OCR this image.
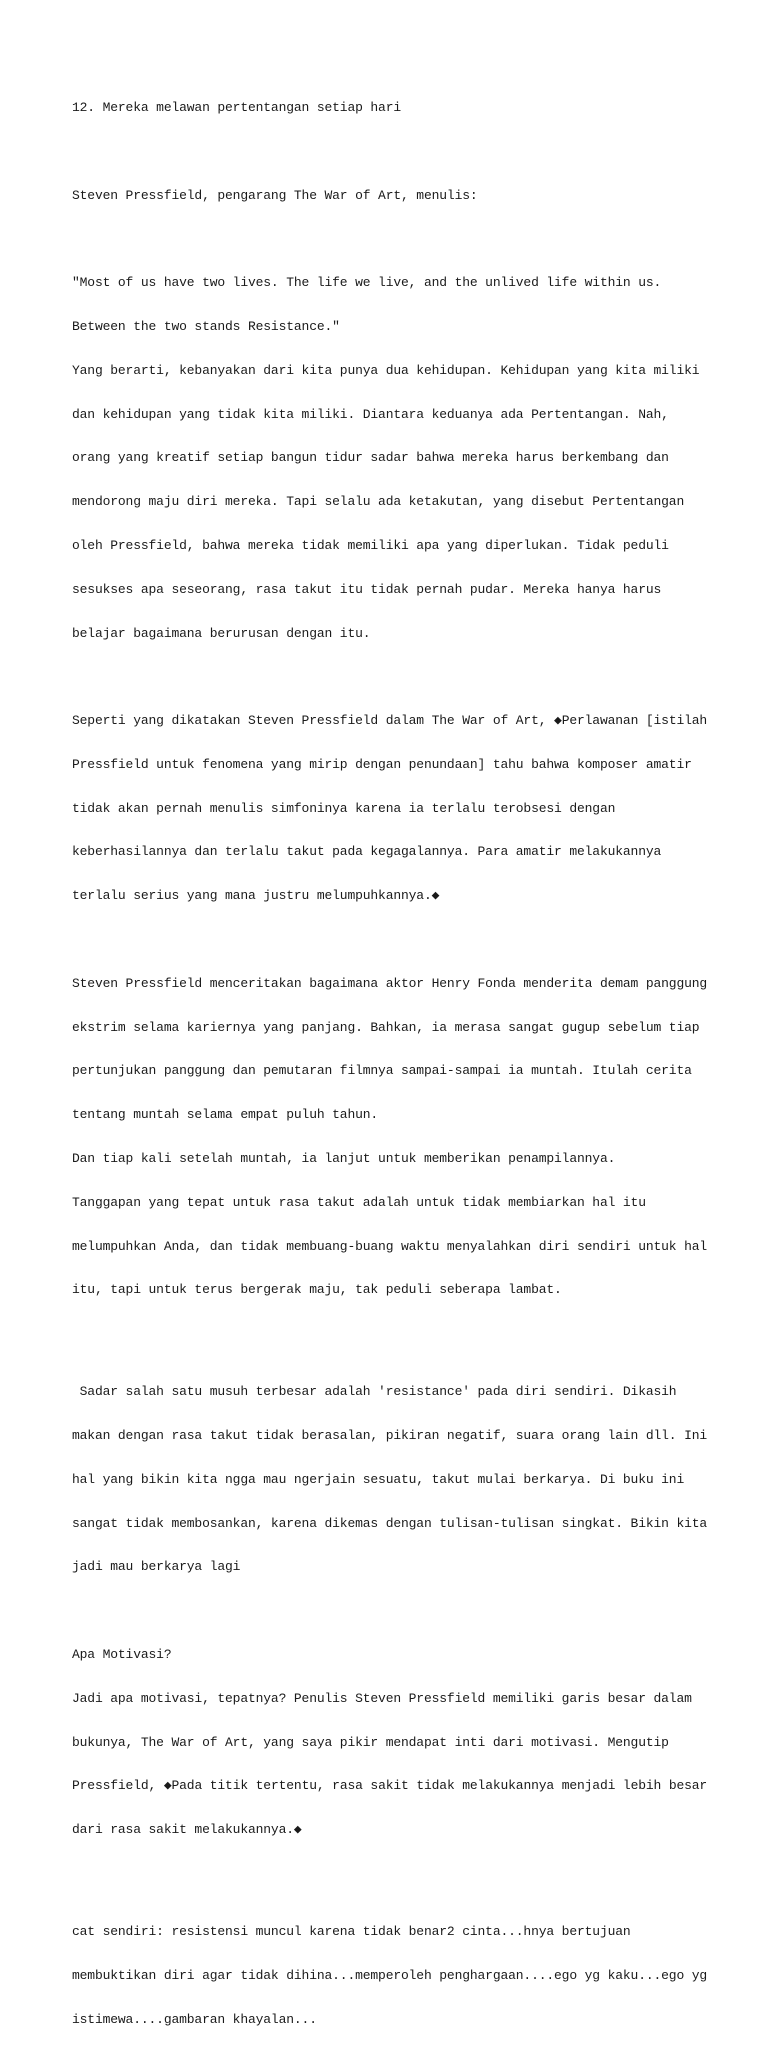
12. Mereka melawan pertentangan setiap hari

Steven Pressfield, pengarang The War of Art, menulis:

"Most of us have two lives. The life we live, and the unlived life within us.

Between the two stands Resistance."

Yang berarti, kebanyakan dari kita punya dua kehidupan. Kehidupan yang kita miliki

dan kehidupan yang tidak kita miliki. Diantara keduanya ada Pertentangan. Nah,

orang yang kreatif setiap bangun tidur sadar bahwa mereka harus berkembang dan

mendorong maju diri mereka. Tapi selalu ada ketakutan, yang disebut Pertentangan

oleh Pressfield, bahwa mereka tidak memiliki apa yang diperlukan. Tidak peduli

sesukses apa seseorang, rasa takut itu tidak pernah pudar. Mereka hanya harus

belajar bagaimana berurusan dengan itu.

Seperti yang dikatakan Steven Pressfield dalam The War of Art, ◆Perlawanan [istilah

Pressfield untuk fenomena yang mirip dengan penundaan] tahu bahwa komposer amatir

tidak akan pernah menulis simfoninya karena ia terlalu terobsesi dengan

keberhasilannya dan terlalu takut pada kegagalannya. Para amatir melakukannya

terlalu serius yang mana justru melumpuhkannya.◆

Steven Pressfield menceritakan bagaimana aktor Henry Fonda menderita demam panggung

ekstrim selama kariernya yang panjang. Bahkan, ia merasa sangat gugup sebelum tiap

pertunjukan panggung dan pemutaran filmnya sampai-sampai ia muntah. Itulah cerita

tentang muntah selama empat puluh tahun.

Dan tiap kali setelah muntah, ia lanjut untuk memberikan penampilannya.

Tanggapan yang tepat untuk rasa takut adalah untuk tidak membiarkan hal itu

melumpuhkan Anda, dan tidak membuang-buang waktu menyalahkan diri sendiri untuk hal

itu, tapi untuk terus bergerak maju, tak peduli seberapa lambat.

Sadar salah satu musuh terbesar adalah 'resistance' pada diri sendiri. Dikasih

makan dengan rasa takut tidak berasalan, pikiran negatif, suara orang lain dll. Ini

hal yang bikin kita ngga mau ngerjain sesuatu, takut mulai berkarya. Di buku ini

sangat tidak membosankan, karena dikemas dengan tulisan-tulisan singkat. Bikin kita

jadi mau berkarya lagi

Apa Motivasi?

Jadi apa motivasi, tepatnya? Penulis Steven Pressfield memiliki garis besar dalam

bukunya, The War of Art, yang saya pikir mendapat inti dari motivasi. Mengutip

Pressfield, ◆Pada titik tertentu, rasa sakit tidak melakukannya menjadi lebih besar

dari rasa sakit melakukannya.◆

cat sendiri: resistensi muncul karena tidak benar2 cinta...hnya bertujuan

membuktikan diri agar tidak dihina...memperoleh penghargaan....ego yg kaku...ego yg

istimewa....gambaran khayalan...
